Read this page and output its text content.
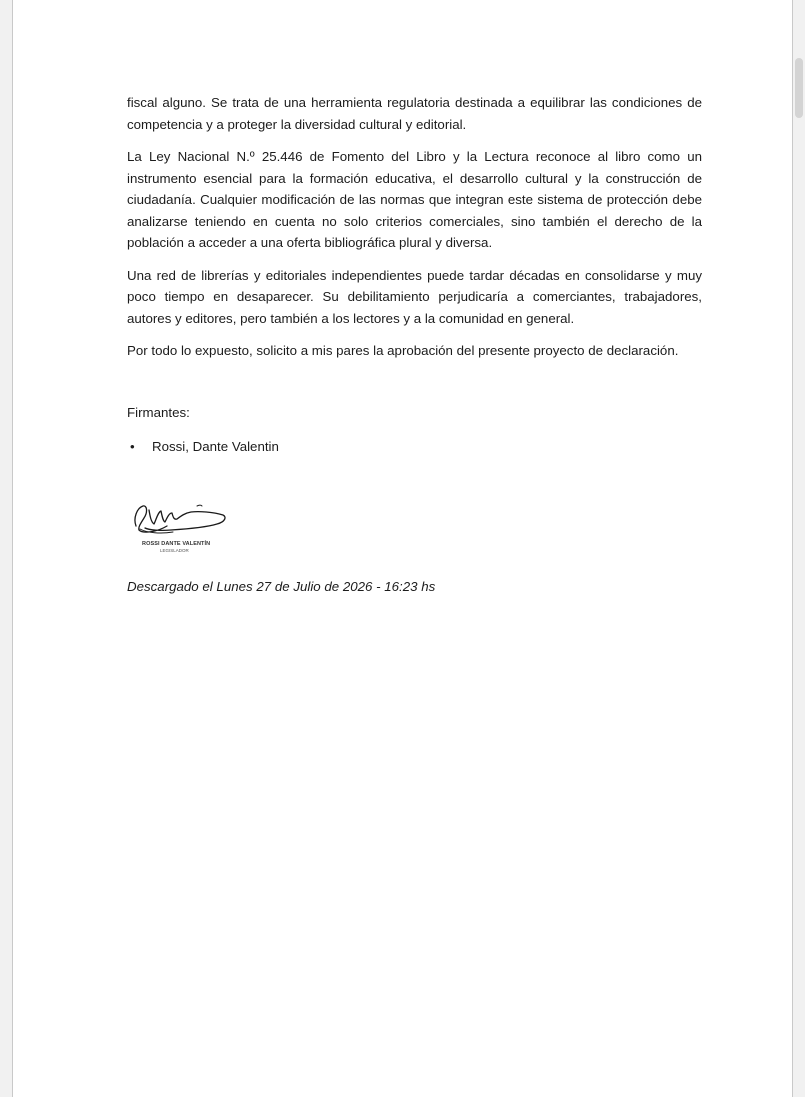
fiscal alguno. Se trata de una herramienta regulatoria destinada a equilibrar las condiciones de competencia y a proteger la diversidad cultural y editorial.

La Ley Nacional N.º 25.446 de Fomento del Libro y la Lectura reconoce al libro como un instrumento esencial para la formación educativa, el desarrollo cultural y la construcción de ciudadanía. Cualquier modificación de las normas que integran este sistema de protección debe analizarse teniendo en cuenta no solo criterios comerciales, sino también el derecho de la población a acceder a una oferta bibliográfica plural y diversa.

Una red de librerías y editoriales independientes puede tardar décadas en consolidarse y muy poco tiempo en desaparecer. Su debilitamiento perjudicaría a comerciantes, trabajadores, autores y editores, pero también a los lectores y a la comunidad en general.

Por todo lo expuesto, solicito a mis pares la aprobación del presente proyecto de declaración.

Firmantes:
• Rossi, Dante Valentin
ROSSI DANTE VALENTÍN
LEGISLADOR
Descargado el Lunes 27 de Julio de 2026 - 16:23 hs
